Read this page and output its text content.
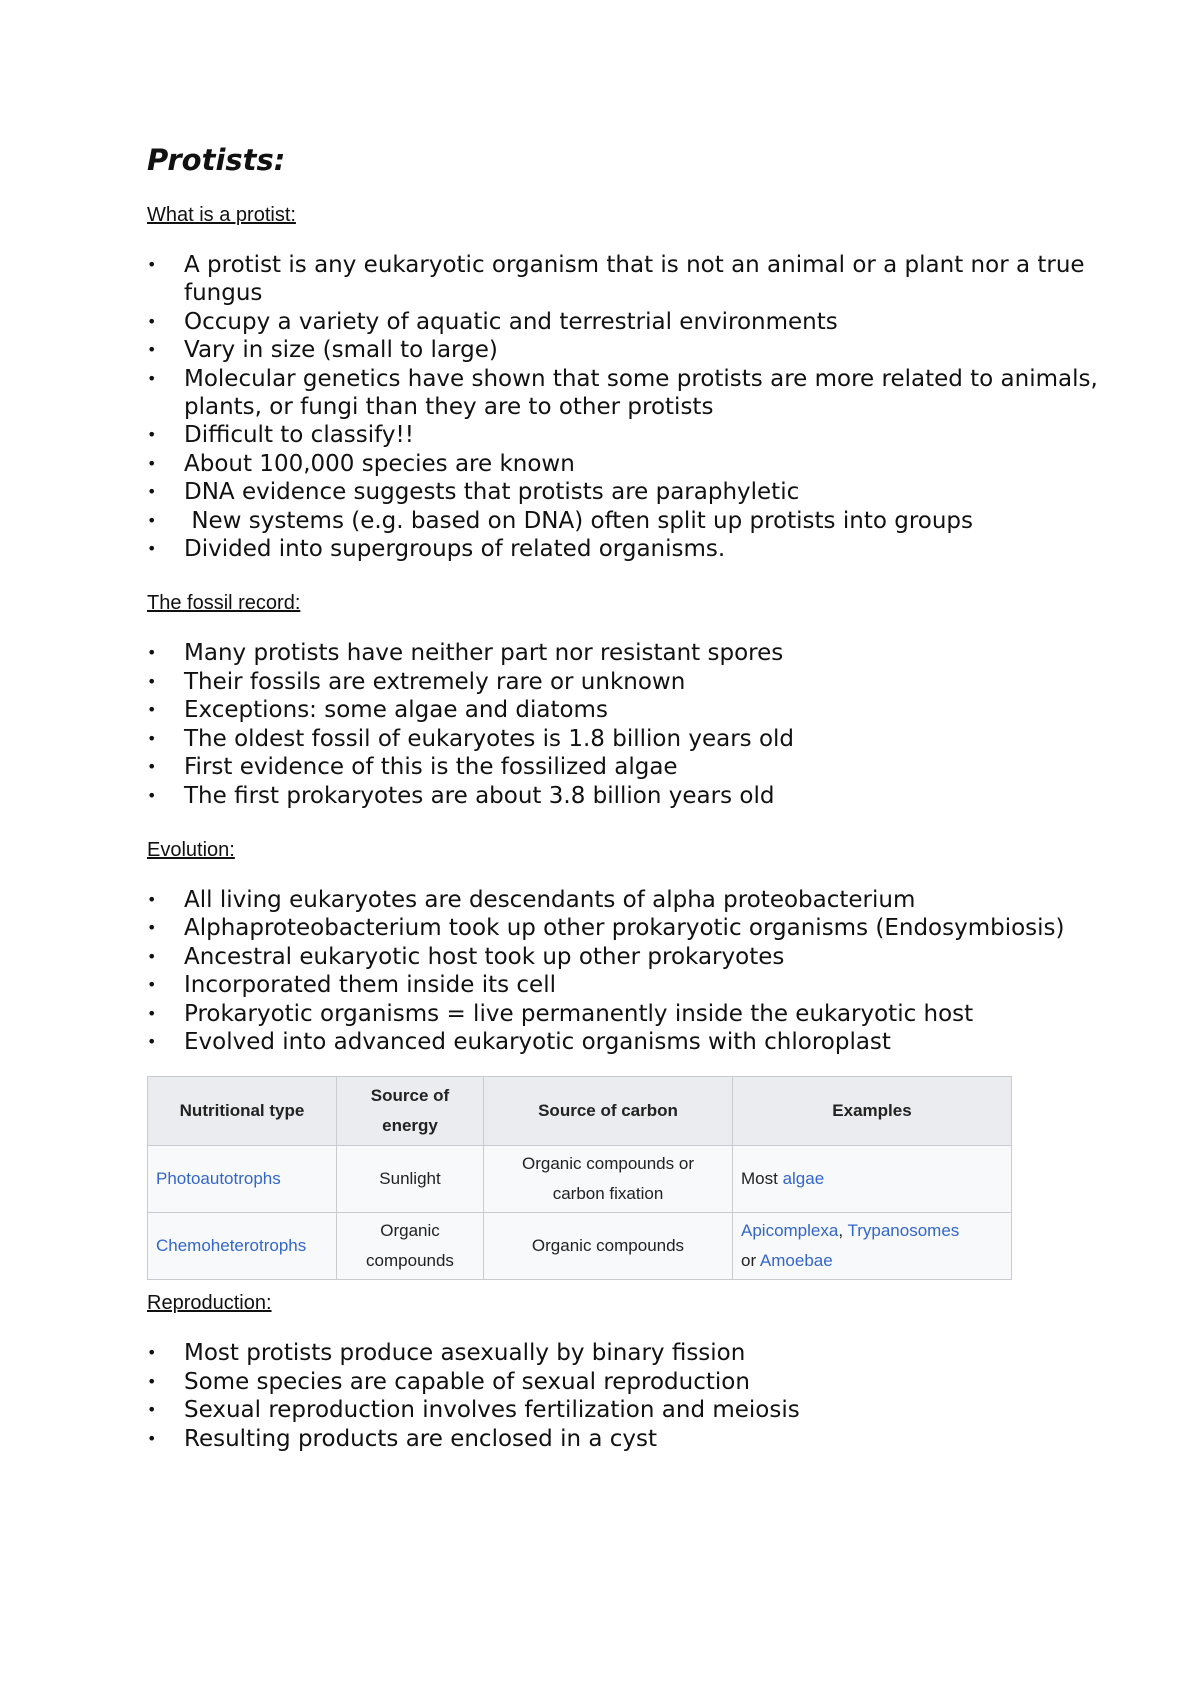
Protists:
What is a protist:
• A protist is any eukaryotic organism that is not an animal or a plant nor a true fungus
• Occupy a variety of aquatic and terrestrial environments
• Vary in size (small to large)
• Molecular genetics have shown that some protists are more related to animals, plants, or fungi than they are to other protists
• Difficult to classify!!
• About 100,000 species are known
• DNA evidence suggests that protists are paraphyletic
• New systems (e.g. based on DNA) often split up protists into groups
• Divided into supergroups of related organisms.
The fossil record:
• Many protists have neither part nor resistant spores
• Their fossils are extremely rare or unknown
• Exceptions: some algae and diatoms
• The oldest fossil of eukaryotes is 1.8 billion years old
• First evidence of this is the fossilized algae
• The first prokaryotes are about 3.8 billion years old
Evolution:
• All living eukaryotes are descendants of alpha proteobacterium
• Alphaproteobacterium took up other prokaryotic organisms (Endosymbiosis)
• Ancestral eukaryotic host took up other prokaryotes
• Incorporated them inside its cell
• Prokaryotic organisms = live permanently inside the eukaryotic host
• Evolved into advanced eukaryotic organisms with chloroplast
Nutritional type	Source of energy	Source of carbon	Examples
Photoautotrophs	Sunlight	Organic compounds or carbon fixation	Most algae
Chemoheterotrophs	Organic compounds	Organic compounds	Apicomplexa, Trypanosomes
or Amoebae
Reproduction:
• Most protists produce asexually by binary fission
• Some species are capable of sexual reproduction
• Sexual reproduction involves fertilization and meiosis
• Resulting products are enclosed in a cyst
